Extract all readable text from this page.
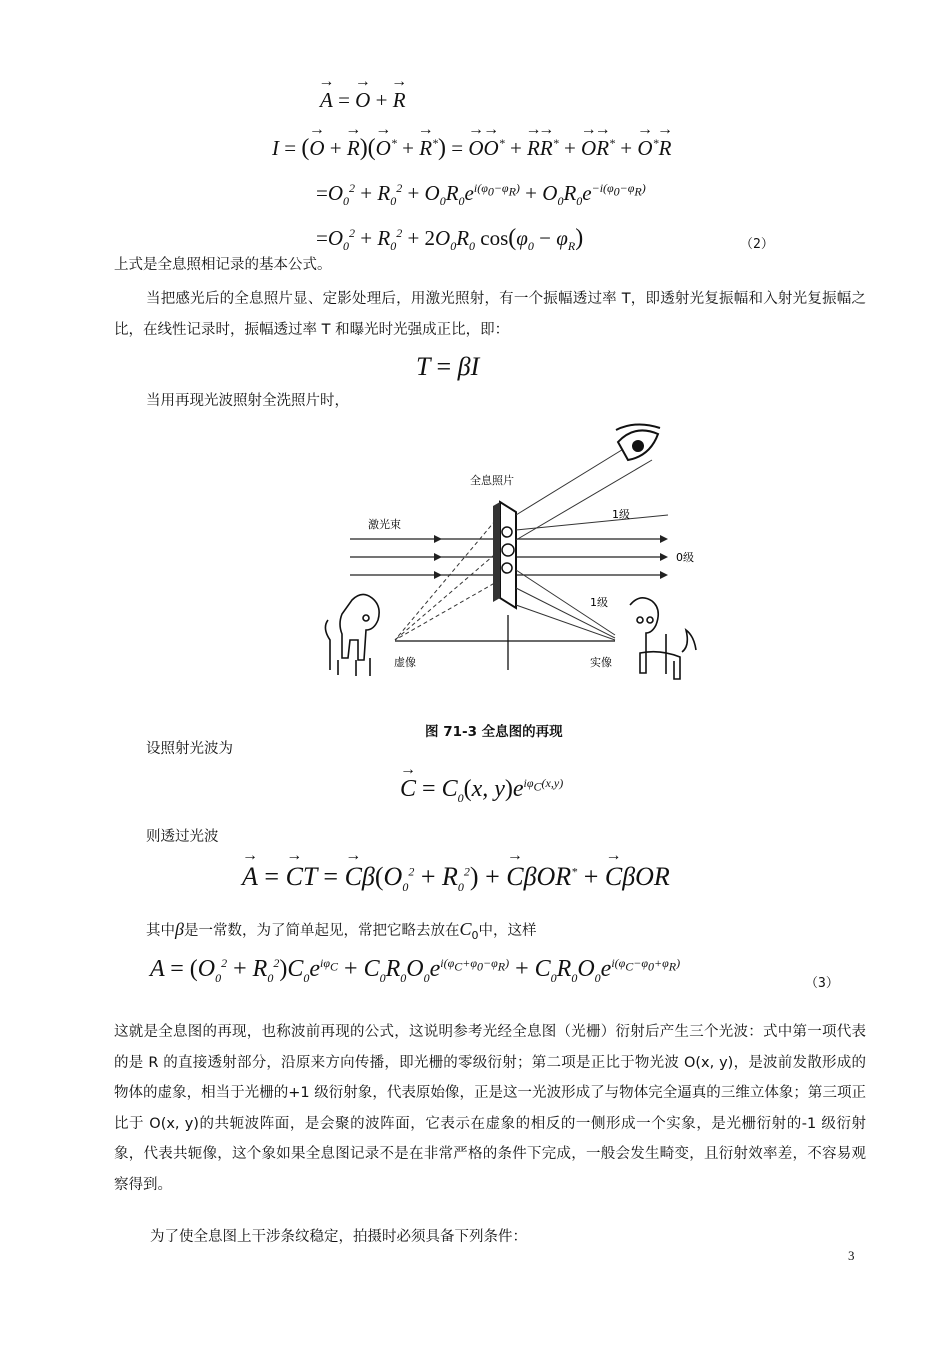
→ A = → O + → R
I = (→ O + → R)(→ O* + → R*) = → O→ O* + → R→ R* + → O→ R* + → O*→ R
$=O_0^2 + R_0^2 + O_0R_0e^{i(\varphi_0-\varphi_R)} + O_0R_0e^{-i(\varphi_0-\varphi_R)}$
$=O_0^2 + R_0^2 + 2O_0R_0$ $\cos(\varphi_0 - \varphi_R)$	（2）
上式是全息照相记录的基本公式。
当把感光后的全息照片显、定影处理后，用激光照射，有一个振幅透过率 T，即透射光复振幅和入射光复振幅之比，在线性记录时，振幅透过率 T 和曝光时光强成正比，即：
T = βI
当用再现光波照射全洗照片时，
全息照片
激光束
1级
0级
1级
虚像	实像
图 71-3 全息图的再现
设照射光波为
→ $C = C_0(x$, $y)e^{i\varphi_C(x,y)}$
则透过光波
→ A = → CT = → $C\beta(O_0^2 + R_0^2)$ + → CβOR* + → CβOR
其中β是一常数，为了简单起见，常把它略去放在$C_0$中，这样
$A = (O_0^2 + R_0^2)C_0e^{i\varphi_C} + C_0R_0O_0e^{i(\varphi_C+\varphi_0-\varphi_R)} + C_0R_0O_0e^{i(\varphi_C-\varphi_0+\varphi_R)}$
（3）
这就是全息图的再现，也称波前再现的公式，这说明参考光经全息图（光栅）衍射后产生三个光波：式中第一项代表的是 R 的直接透射部分，沿原来方向传播，即光栅的零级衍射；第二项是正比于物光波 O(x, y)，是波前发散形成的物体的虚象，相当于光栅的+1 级衍射象，代表原始像，正是这一光波形成了与物体完全逼真的三维立体象；第三项正比于 O(x, y)的共轭波阵面，是会聚的波阵面，它表示在虚象的相反的一侧形成一个实象，是光栅衍射的-1 级衍射象，代表共轭像，这个象如果全息图记录不是在非常严格的条件下完成，一般会发生畸变，且衍射效率差，不容易观察得到。
为了使全息图上干涉条纹稳定，拍摄时必须具备下列条件：
3
